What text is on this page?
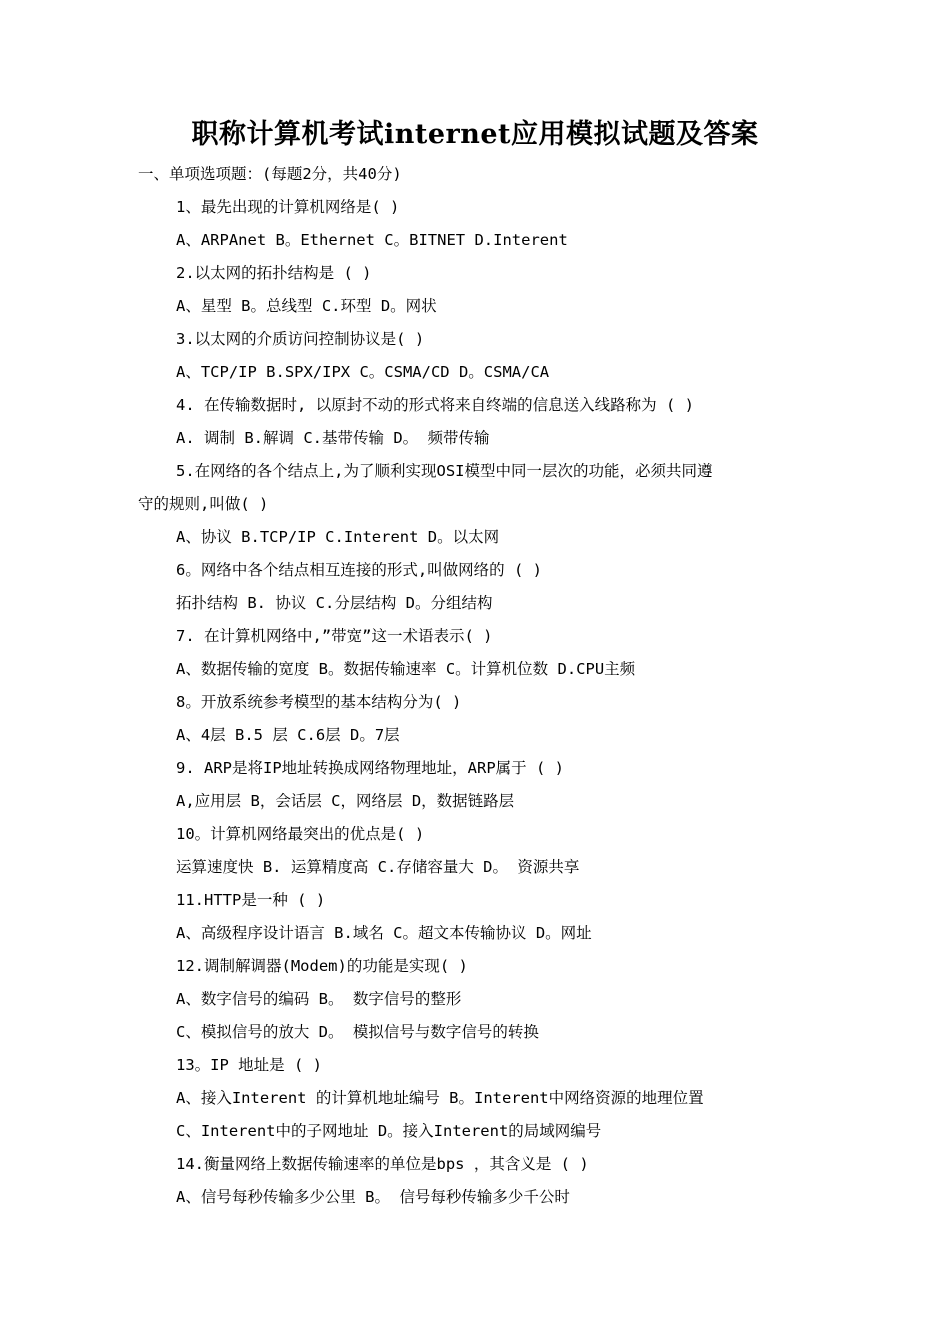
职称计算机考试internet应用模拟试题及答案
一、单项选项题：(每题2分，共40分)
1、最先出现的计算机网络是( )
A、ARPAnet B。Ethernet C。BITNET D.Interent
2.以太网的拓扑结构是 ( )
A、星型 B。总线型 C.环型 D。网状
3.以太网的介质访问控制协议是( )
A、TCP/IP B.SPX/IPX C。CSMA/CD D。CSMA/CA
4. 在传输数据时, 以原封不动的形式将来自终端的信息送入线路称为 ( )
A. 调制 B.解调 C.基带传输 D。 频带传输
5.在网络的各个结点上,为了顺利实现OSI模型中同一层次的功能，必须共同遵
守的规则,叫做( )
A、协议 B.TCP/IP C.Interent D。以太网
6。网络中各个结点相互连接的形式,叫做网络的 ( )
拓扑结构 B. 协议 C.分层结构 D。分组结构
7. 在计算机网络中,”带宽”这一术语表示( )
A、数据传输的宽度 B。数据传输速率 C。计算机位数 D.CPU主频
8。开放系统参考模型的基本结构分为( )
A、4层 B.5 层 C.6层 D。7层
9. ARP是将IP地址转换成网络物理地址，ARP属于 ( )
A,应用层 B，会话层 C，网络层 D，数据链路层
10。计算机网络最突出的优点是( )
运算速度快 B. 运算精度高 C.存储容量大 D。 资源共享
11.HTTP是一种 ( )
A、高级程序设计语言 B.域名 C。超文本传输协议 D。网址
12.调制解调器(Modem)的功能是实现( )
A、数字信号的编码 B。 数字信号的整形
C、模拟信号的放大 D。 模拟信号与数字信号的转换
13。IP 地址是 ( )
A、接入Interent 的计算机地址编号 B。Interent中网络资源的地理位置
C、Interent中的子网地址 D。接入Interent的局域网编号
14.衡量网络上数据传输速率的单位是bps ，其含义是 ( )
A、信号每秒传输多少公里 B。 信号每秒传输多少千公时
